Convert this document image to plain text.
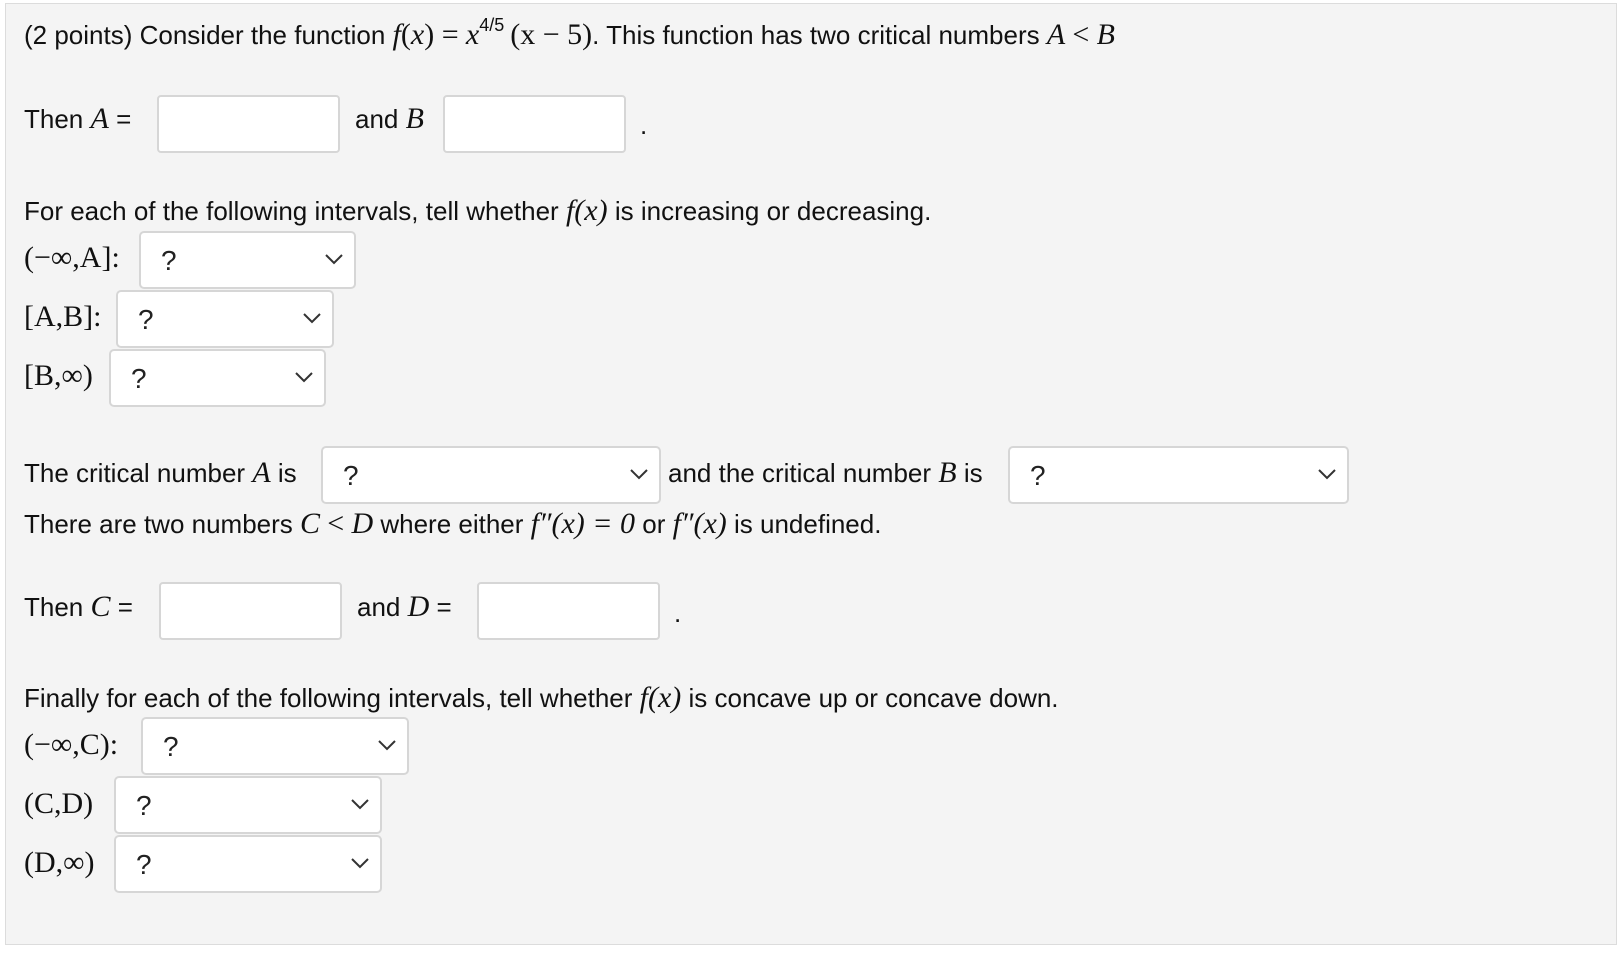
(2 points) Consider the function $f(x) = x^{4/5}$ (x − 5). This function has two critical numbers A < B
Then A =	and B	.
For each of the following intervals, tell whether f(x) is increasing or decreasing.
(−∞,A]: ?
[A,B]: ?
[B,∞) ?
The critical number A is ?	and the critical number B is ?
There are two numbers C < D where either f″(x) = 0 or f″(x) is undefined.
Then C =	and D =	.
Finally for each of the following intervals, tell whether f(x) is concave up or concave down.
(−∞,C): ?
(C,D) ?
(D,∞) ?
